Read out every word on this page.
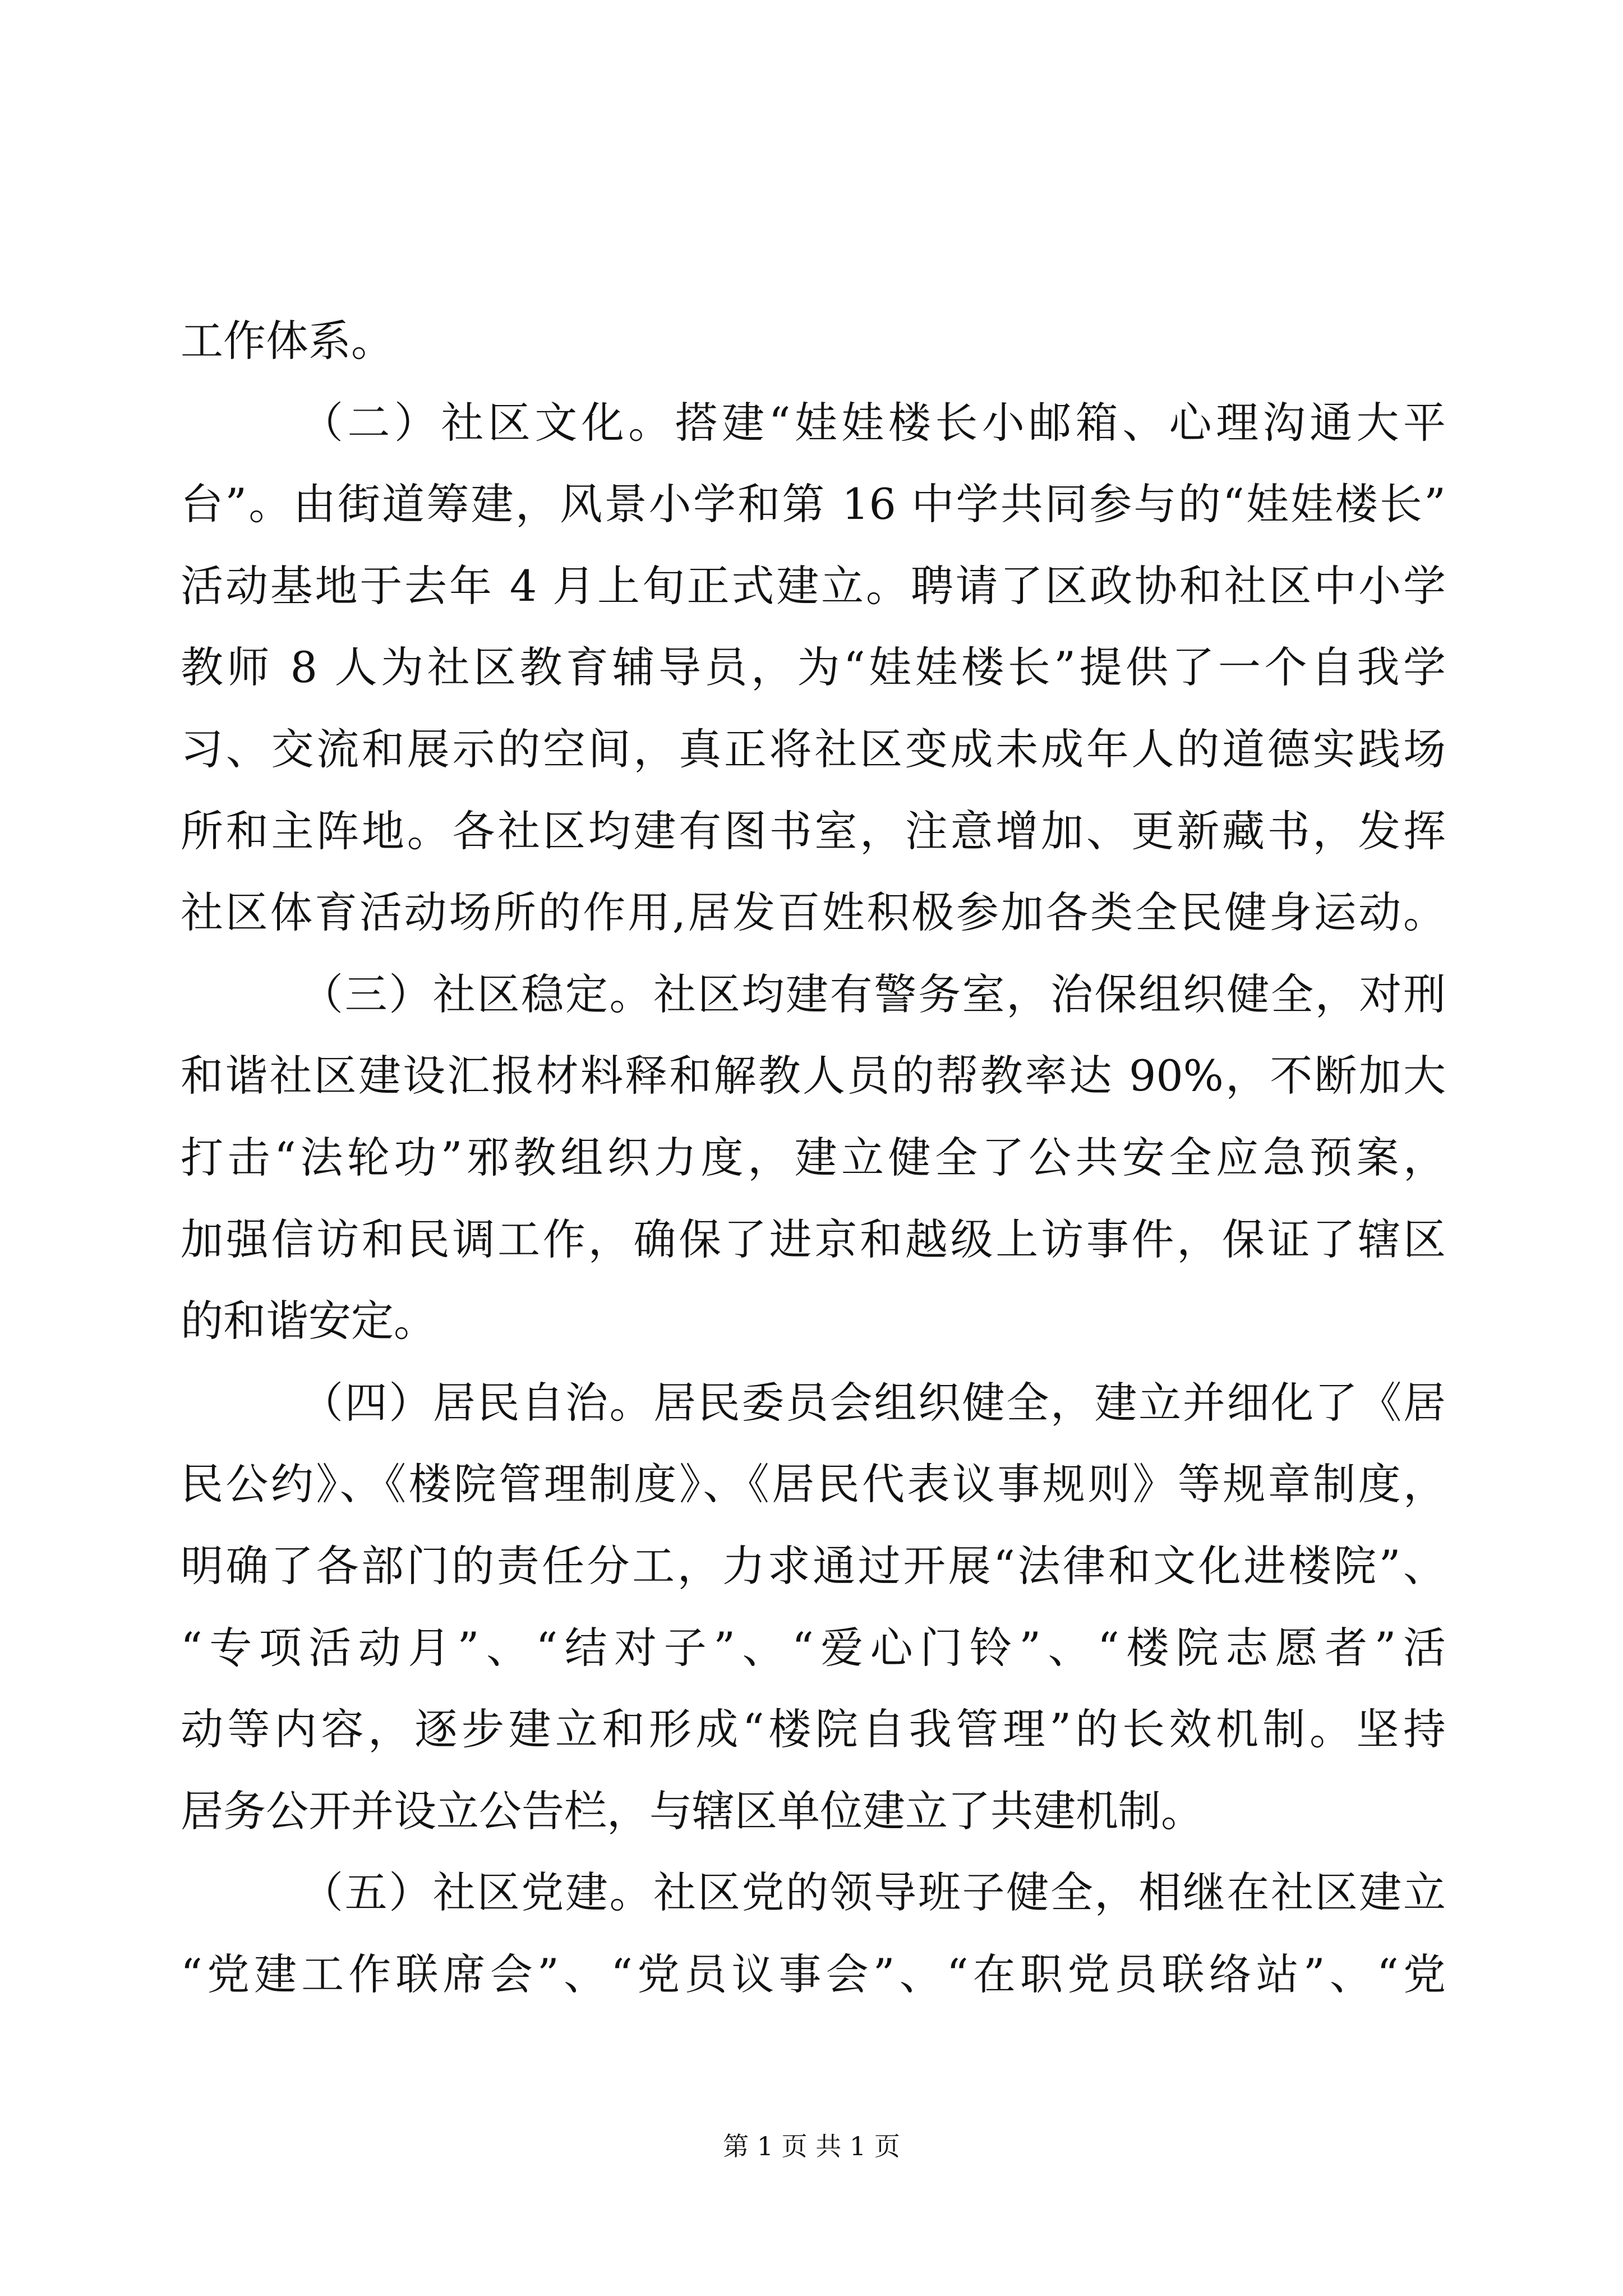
工作体系。
（二）社区文化。搭建“娃娃楼长小邮箱、心理沟通大平
台”。由街道筹建，风景小学和第 16 中学共同参与的“娃娃楼长”
活动基地于去年 4 月上旬正式建立。聘请了区政协和社区中小学
教师 8 人为社区教育辅导员，为“娃娃楼长”提供了一个自我学
习、交流和展示的空间，真正将社区变成未成年人的道德实践场
所和主阵地。各社区均建有图书室，注意增加、更新藏书，发挥
社区体育活动场所的作用,居发百姓积极参加各类全民健身运动。
（三）社区稳定。社区均建有警务室，治保组织健全，对刑
和谐社区建设汇报材料释和解教人员的帮教率达 90%，不断加大
打击“法轮功”邪教组织力度，建立健全了公共安全应急预案，
加强信访和民调工作，确保了进京和越级上访事件，保证了辖区
的和谐安定。
（四）居民自治。居民委员会组织健全，建立并细化了《居
民公约》、《楼院管理制度》、《居民代表议事规则》等规章制度，
明确了各部门的责任分工，力求通过开展“法律和文化进楼院”、
“专项活动月”、“结对子”、“爱心门铃”、“楼院志愿者”活
动等内容，逐步建立和形成“楼院自我管理”的长效机制。坚持
居务公开并设立公告栏，与辖区单位建立了共建机制。
（五）社区党建。社区党的领导班子健全，相继在社区建立
“党建工作联席会”、“党员议事会”、“在职党员联络站”、“党
第 1 页 共 1 页
